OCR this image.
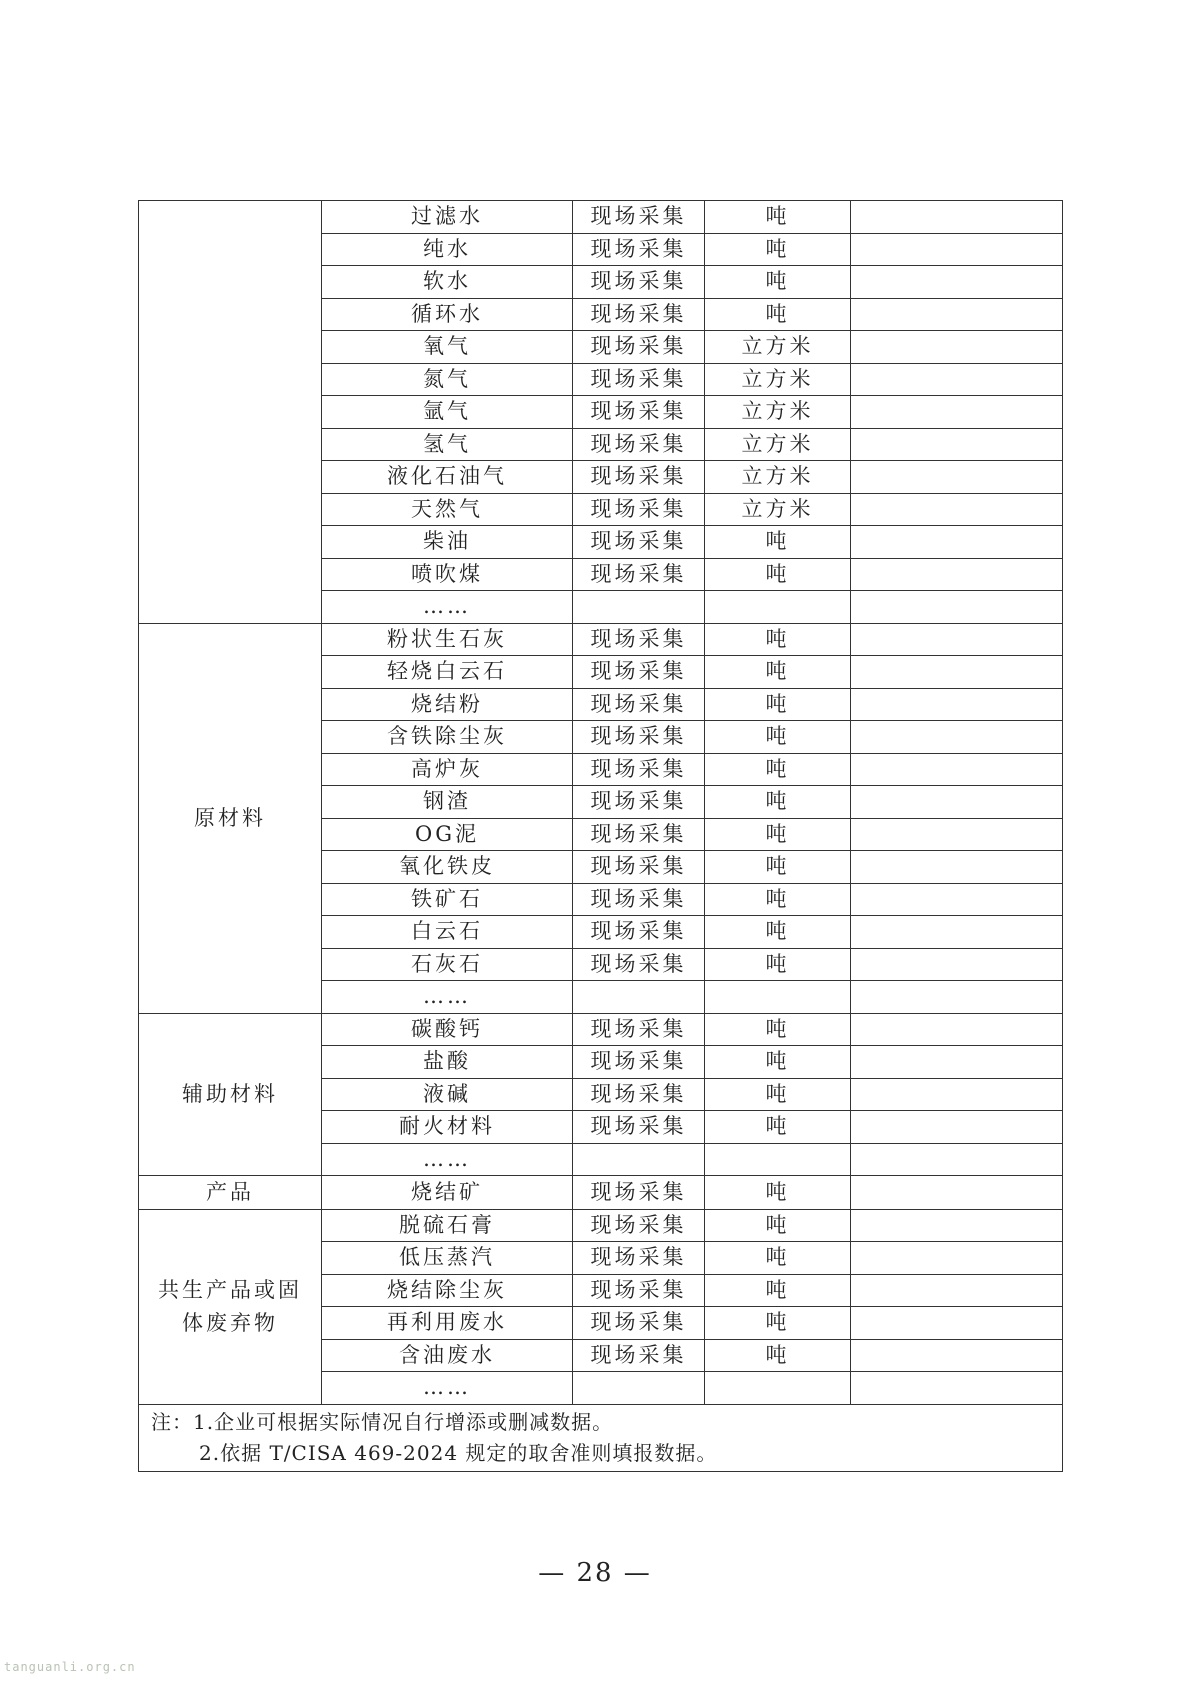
	过滤水	现场采集	吨	
	纯水	现场采集	吨	
	软水	现场采集	吨	
	循环水	现场采集	吨	
	氧气	现场采集	立方米	
	氮气	现场采集	立方米	
	氩气	现场采集	立方米	
	氢气	现场采集	立方米	
	液化石油气	现场采集	立方米	
	天然气	现场采集	立方米	
	柴油	现场采集	吨	
	喷吹煤	现场采集	吨	
	……			
原材料	粉状生石灰	现场采集	吨	
	轻烧白云石	现场采集	吨	
	烧结粉	现场采集	吨	
	含铁除尘灰	现场采集	吨	
	高炉灰	现场采集	吨	
	钢渣	现场采集	吨	
	OG泥	现场采集	吨	
	氧化铁皮	现场采集	吨	
	铁矿石	现场采集	吨	
	白云石	现场采集	吨	
	石灰石	现场采集	吨	
	……			
辅助材料	碳酸钙	现场采集	吨	
	盐酸	现场采集	吨	
	液碱	现场采集	吨	
	耐火材料	现场采集	吨	
	……			
产品	烧结矿	现场采集	吨	
共生产品或固体废弃物	脱硫石膏	现场采集	吨	
	低压蒸汽	现场采集	吨	
	烧结除尘灰	现场采集	吨	
	再利用废水	现场采集	吨	
	含油废水	现场采集	吨	
	……			

注：1.企业可根据实际情况自行增添或删减数据。
2.依据 T/CISA 469-2024 规定的取舍准则填报数据。				
— 28 —
tanguanli.org.cn
